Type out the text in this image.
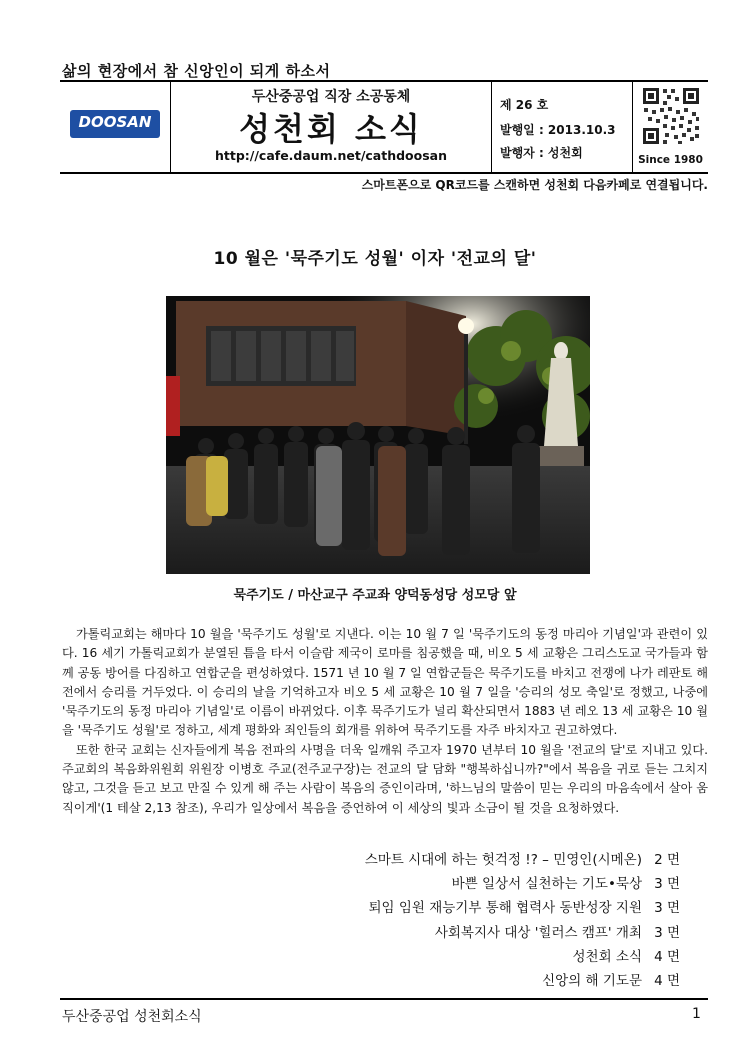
삶의 현장에서 참 신앙인이 되게 하소서
DOOSAN
두산중공업 직장 소공동체
성천회 소식
http://cafe.daum.net/cathdoosan
제 26 호
발행일 : 2013.10.3
발행자 : 성천회	Since 1980
스마트폰으로 QR코드를 스캔하면 성천회 다음카페로 연결됩니다.
10 월은 '묵주기도 성월' 이자 '전교의 달'
묵주기도 / 마산교구 주교좌 양덕동성당 성모당 앞

가톨릭교회는 해마다 10 월을 '묵주기도 성월'로 지낸다. 이는 10 월 7 일 '묵주기도의 동정 마리아 기념일'과 관련이 있다. 16 세기 가톨릭교회가 분열된 틈을 타서 이슬람 제국이 로마를 침공했을 때, 비오 5 세 교황은 그리스도교 국가들과 함께 공동 방어를 다짐하고 연합군을 편성하였다. 1571 년 10 월 7 일 연합군들은 묵주기도를 바치고 전쟁에 나가 레판토 해전에서 승리를 거두었다. 이 승리의 날을 기억하고자 비오 5 세 교황은 10 월 7 일을 '승리의 성모 축일'로 정했고, 나중에 '묵주기도의 동정 마리아 기념일'로 이름이 바뀌었다. 이후 묵주기도가 널리 확산되면서 1883 년 레오 13 세 교황은 10 월을 '묵주기도 성월'로 정하고, 세계 평화와 죄인들의 회개를 위하여 묵주기도를 자주 바치자고 권고하였다.

또한 한국 교회는 신자들에게 복음 전파의 사명을 더욱 일깨워 주고자 1970 년부터 10 월을 '전교의 달'로 지내고 있다. 주교회의 복음화위원회 위원장 이병호 주교(전주교구장)는 전교의 달 담화 "행복하십니까?"에서 복음을 귀로 듣는 그치지 않고, 그것을 듣고 보고 만질 수 있게 해 주는 사람이 복음의 증인이라며, '하느님의 말씀이 믿는 우리의 마음속에서 살아 움직이게'(1 테살 2,13 참조), 우리가 일상에서 복음을 증언하여 이 세상의 빛과 소금이 될 것을 요청하였다.

스마트 시대에 하는 헛걱정 !? – 민영인(시메온) 2 면
바쁜 일상서 실천하는 기도•묵상 3 면
퇴임 임원 재능기부 통해 협력사 동반성장 지원 3 면
사회복지사 대상 '힐러스 캠프' 개최 3 면
성천회 소식 4 면
신앙의 해 기도문 4 면
두산중공업 성천회소식	1
